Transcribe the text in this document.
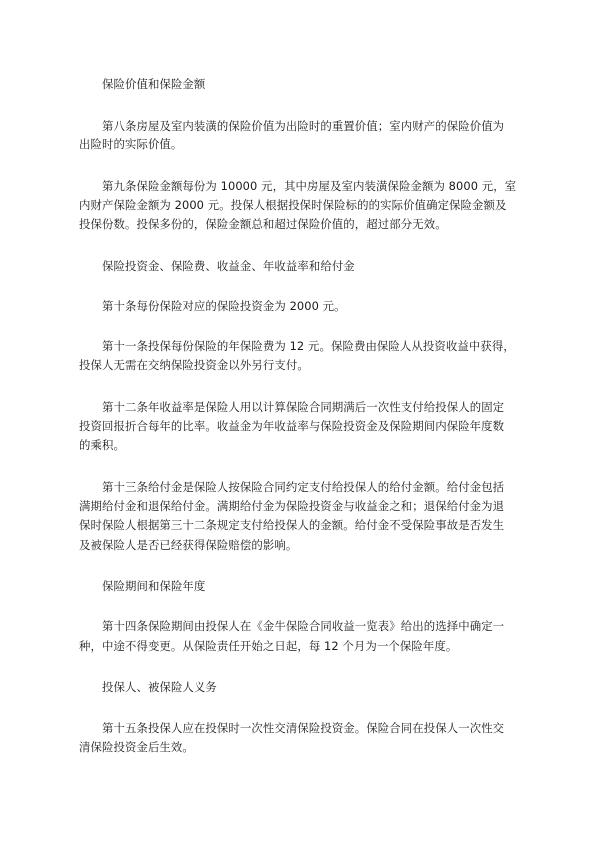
保险价值和保险金额
第八条房屋及室内装潢的保险价值为出险时的重置价值；室内财产的保险价值为
出险时的实际价值。
第九条保险金额每份为 10000 元，其中房屋及室内装潢保险金额为 8000 元，室
内财产保险金额为 2000 元。投保人根据投保时保险标的的实际价值确定保险金额及
投保份数。投保多份的，保险金额总和超过保险价值的，超过部分无效。
保险投资金、保险费、收益金、年收益率和给付金
第十条每份保险对应的保险投资金为 2000 元。
第十一条投保每份保险的年保险费为 12 元。保险费由保险人从投资收益中获得，
投保人无需在交纳保险投资金以外另行支付。
第十二条年收益率是保险人用以计算保险合同期满后一次性支付给投保人的固定
投资回报折合每年的比率。收益金为年收益率与保险投资金及保险期间内保险年度数
的乘积。
第十三条给付金是保险人按保险合同约定支付给投保人的给付金额。给付金包括
满期给付金和退保给付金。满期给付金为保险投资金与收益金之和；退保给付金为退
保时保险人根据第三十二条规定支付给投保人的金额。给付金不受保险事故是否发生
及被保险人是否已经获得保险赔偿的影响。
保险期间和保险年度
第十四条保险期间由投保人在《金牛保险合同收益一览表》给出的选择中确定一
种，中途不得变更。从保险责任开始之日起，每 12 个月为一个保险年度。
投保人、被保险人义务
第十五条投保人应在投保时一次性交清保险投资金。保险合同在投保人一次性交
清保险投资金后生效。
